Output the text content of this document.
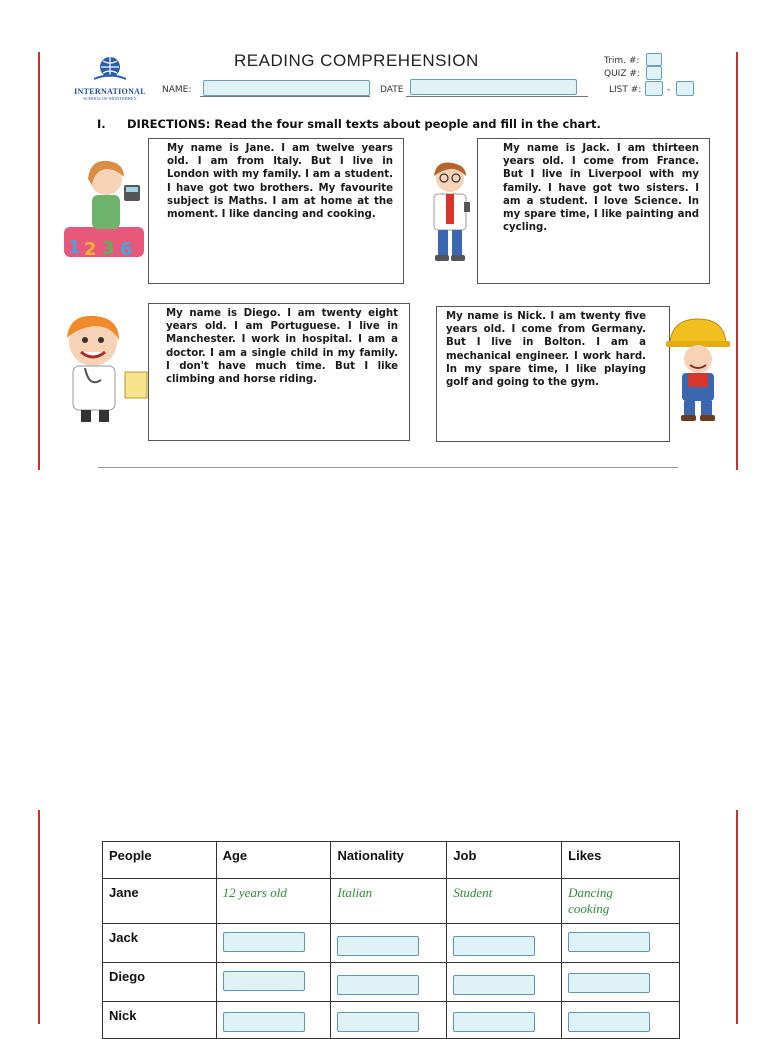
INTERNATIONAL
SCHOOL OF MONTERREY
READING COMPREHENSION
NAME:	DATE
Trim. #:
QUIZ #:
LIST #:	-
I. DIRECTIONS: Read the four small texts about people and fill in the chart.
1 2 3 6
My name is Jane. I am twelve years old. I am from Italy. But I live in London with my family. I am a student. I have got two brothers. My favourite subject is Maths. I am at home at the moment. I like dancing and cooking.
My name is Jack. I am thirteen years old. I come from France. But I live in Liverpool with my family. I have got two sisters. I am a student. I love Science. In my spare time, I like painting and cycling.
My name is Diego. I am twenty eight years old. I am Portuguese. I live in Manchester. I work in hospital. I am a doctor. I am a single child in my family. I don't have much time. But I like climbing and horse riding.
My name is Nick. I am twenty five years old. I come from Germany. But I live in Bolton. I am a mechanical engineer. I work hard. In my spare time, I like playing golf and going to the gym.
People	Age	Nationality	Job	Likes
Jane	12 years old	Italian	Student	Dancing
cooking
Jack	

Diego	

Nick	
